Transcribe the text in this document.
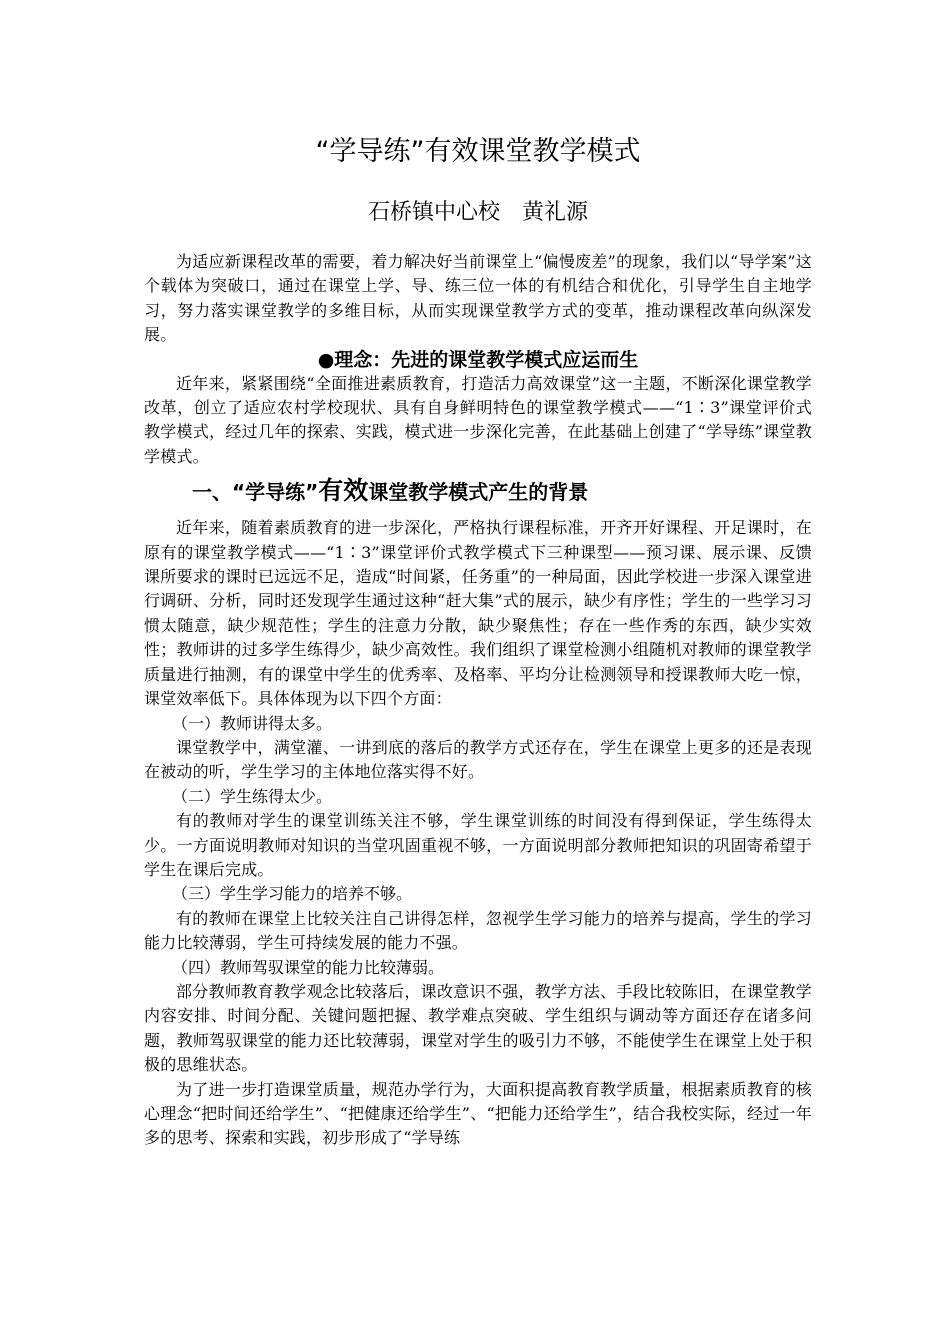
“学导练”有效课堂教学模式
石桥镇中心校 黄礼源

为适应新课程改革的需要，着力解决好当前课堂上“偏慢废差”的现象，我们以“导学案”这个载体为突破口，通过在课堂上学、导、练三位一体的有机结合和优化，引导学生自主地学习，努力落实课堂教学的多维目标，从而实现课堂教学方式的变革，推动课程改革向纵深发展。

●理念：先进的课堂教学模式应运而生

近年来，紧紧围绕“全面推进素质教育，打造活力高效课堂”这一主题，不断深化课堂教学改革，创立了适应农村学校现状、具有自身鲜明特色的课堂教学模式——“1∶3”课堂评价式教学模式，经过几年的探索、实践，模式进一步深化完善，在此基础上创建了“学导练”课堂教学模式。

一、“学导练”有效课堂教学模式产生的背景

近年来，随着素质教育的进一步深化，严格执行课程标准，开齐开好课程、开足课时，在原有的课堂教学模式——“1∶3”课堂评价式教学模式下三种课型——预习课、展示课、反馈课所要求的课时已远远不足，造成“时间紧，任务重”的一种局面，因此学校进一步深入课堂进行调研、分析，同时还发现学生通过这种“赶大集”式的展示，缺少有序性；学生的一些学习习惯太随意，缺少规范性；学生的注意力分散，缺少聚焦性；存在一些作秀的东西，缺少实效性；教师讲的过多学生练得少，缺少高效性。我们组织了课堂检测小组随机对教师的课堂教学质量进行抽测，有的课堂中学生的优秀率、及格率、平均分让检测领导和授课教师大吃一惊，课堂效率低下。具体体现为以下四个方面：

（一）教师讲得太多。

课堂教学中，满堂灌、一讲到底的落后的教学方式还存在，学生在课堂上更多的还是表现在被动的听，学生学习的主体地位落实得不好。

（二）学生练得太少。

有的教师对学生的课堂训练关注不够，学生课堂训练的时间没有得到保证，学生练得太少。一方面说明教师对知识的当堂巩固重视不够，一方面说明部分教师把知识的巩固寄希望于学生在课后完成。

（三）学生学习能力的培养不够。

有的教师在课堂上比较关注自己讲得怎样，忽视学生学习能力的培养与提高，学生的学习能力比较薄弱，学生可持续发展的能力不强。

（四）教师驾驭课堂的能力比较薄弱。

部分教师教育教学观念比较落后，课改意识不强，教学方法、手段比较陈旧，在课堂教学内容安排、时间分配、关键问题把握、教学难点突破、学生组织与调动等方面还存在诸多问题，教师驾驭课堂的能力还比较薄弱，课堂对学生的吸引力不够，不能使学生在课堂上处于积极的思维状态。

为了进一步打造课堂质量，规范办学行为，大面积提高教育教学质量，根据素质教育的核心理念“把时间还给学生”、“把健康还给学生”、“把能力还给学生”，结合我校实际，经过一年多的思考、探索和实践，初步形成了“学导练
